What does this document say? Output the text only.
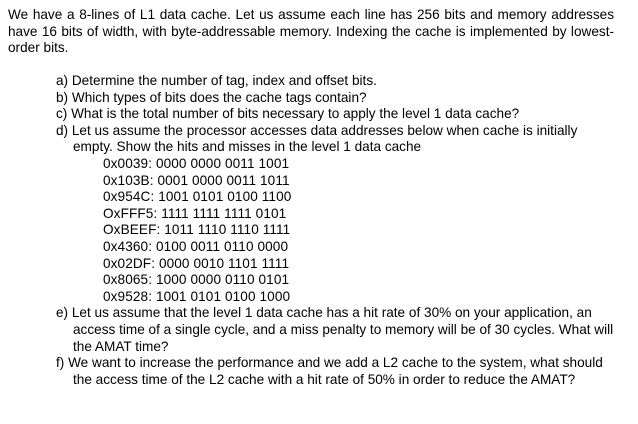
We have a 8-lines of L1 data cache. Let us assume each line has 256 bits and memory addresses have 16 bits of width, with byte-addressable memory. Indexing the cache is implemented by lowest-order bits.
a) Determine the number of tag, index and offset bits.
b) Which types of bits does the cache tags contain?
c) What is the total number of bits necessary to apply the level 1 data cache?
d) Let us assume the processor accesses data addresses below when cache is initially empty. Show the hits and misses in the level 1 data cache
0x0039: 0000 0000 0011 1001
0x103B: 0001 0000 0011 1011
0x954C: 1001 0101 0100 1100
OxFFF5: 1111 1111 1111 0101
OxBEEF: 1011 1110 1110 1111
0x4360: 0100 0011 0110 0000
0x02DF: 0000 0010 1101 1111
0x8065: 1000 0000 0110 0101
0x9528: 1001 0101 0100 1000
e) Let us assume that the level 1 data cache has a hit rate of 30% on your application, an access time of a single cycle, and a miss penalty to memory will be of 30 cycles. What will the AMAT time?
f) We want to increase the performance and we add a L2 cache to the system, what should the access time of the L2 cache with a hit rate of 50% in order to reduce the AMAT?
